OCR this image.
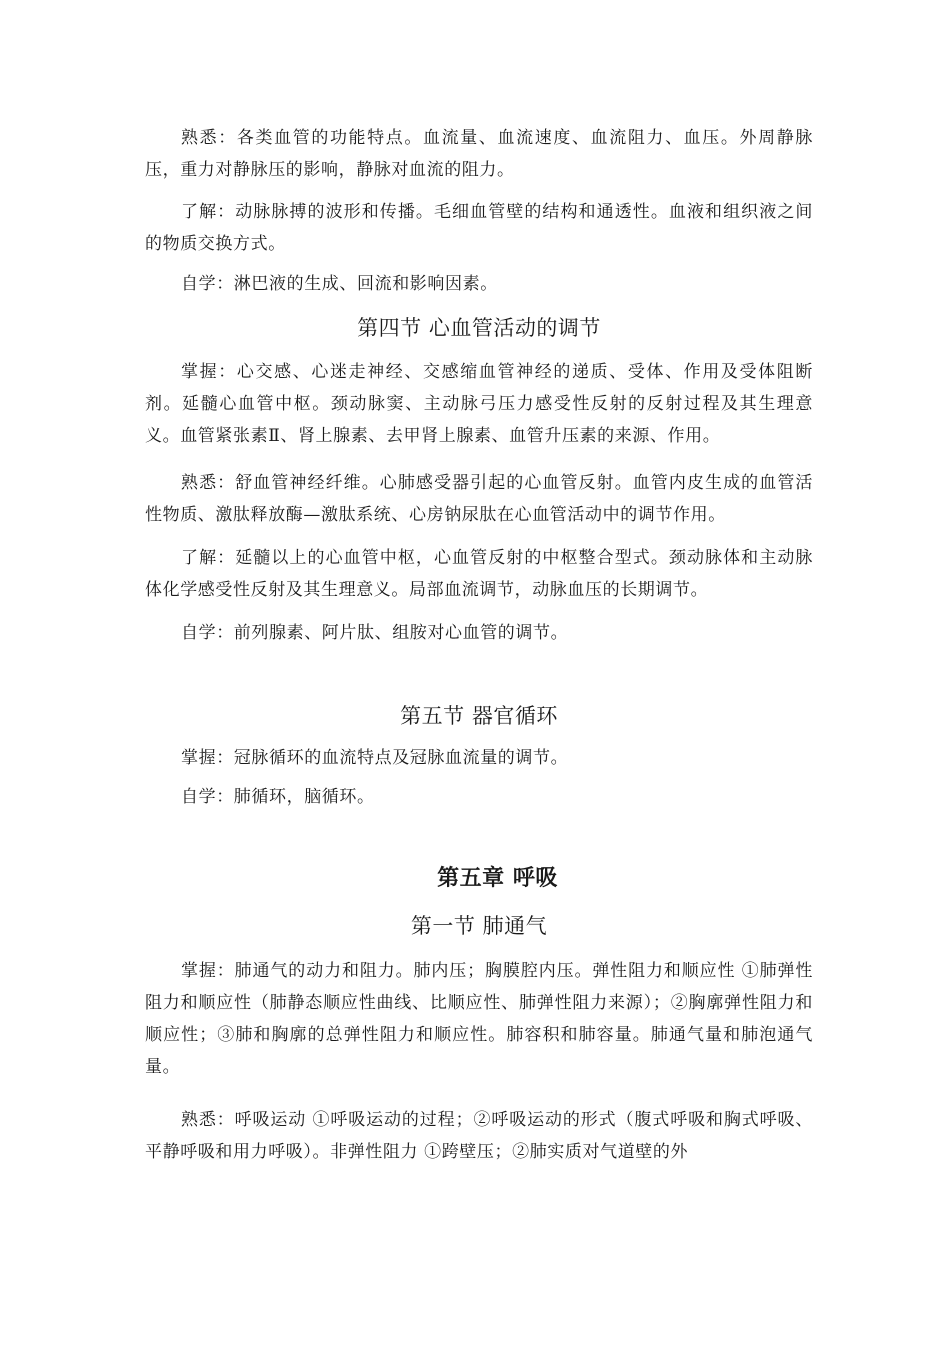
熟悉：各类血管的功能特点。血流量、血流速度、血流阻力、血压。外周静脉压，重力对静脉压的影响，静脉对血流的阻力。

了解：动脉脉搏的波形和传播。毛细血管壁的结构和通透性。血液和组织液之间的物质交换方式。

自学：淋巴液的生成、回流和影响因素。

第四节 心血管活动的调节

掌握：心交感、心迷走神经、交感缩血管神经的递质、受体、作用及受体阻断剂。延髓心血管中枢。颈动脉窦、主动脉弓压力感受性反射的反射过程及其生理意义。血管紧张素Ⅱ、肾上腺素、去甲肾上腺素、血管升压素的来源、作用。

熟悉：舒血管神经纤维。心肺感受器引起的心血管反射。血管内皮生成的血管活性物质、激肽释放酶—激肽系统、心房钠尿肽在心血管活动中的调节作用。

了解：延髓以上的心血管中枢，心血管反射的中枢整合型式。颈动脉体和主动脉体化学感受性反射及其生理意义。局部血流调节，动脉血压的长期调节。

自学：前列腺素、阿片肽、组胺对心血管的调节。

第五节 器官循环

掌握：冠脉循环的血流特点及冠脉血流量的调节。

自学：肺循环，脑循环。

第五章 呼吸
第一节 肺通气

掌握：肺通气的动力和阻力。肺内压；胸膜腔内压。弹性阻力和顺应性 ①肺弹性阻力和顺应性（肺静态顺应性曲线、比顺应性、肺弹性阻力来源）；②胸廓弹性阻力和顺应性；③肺和胸廓的总弹性阻力和顺应性。肺容积和肺容量。肺通气量和肺泡通气量。

熟悉：呼吸运动 ①呼吸运动的过程；②呼吸运动的形式（腹式呼吸和胸式呼吸、平静呼吸和用力呼吸）。非弹性阻力 ①跨壁压；②肺实质对气道壁的外
